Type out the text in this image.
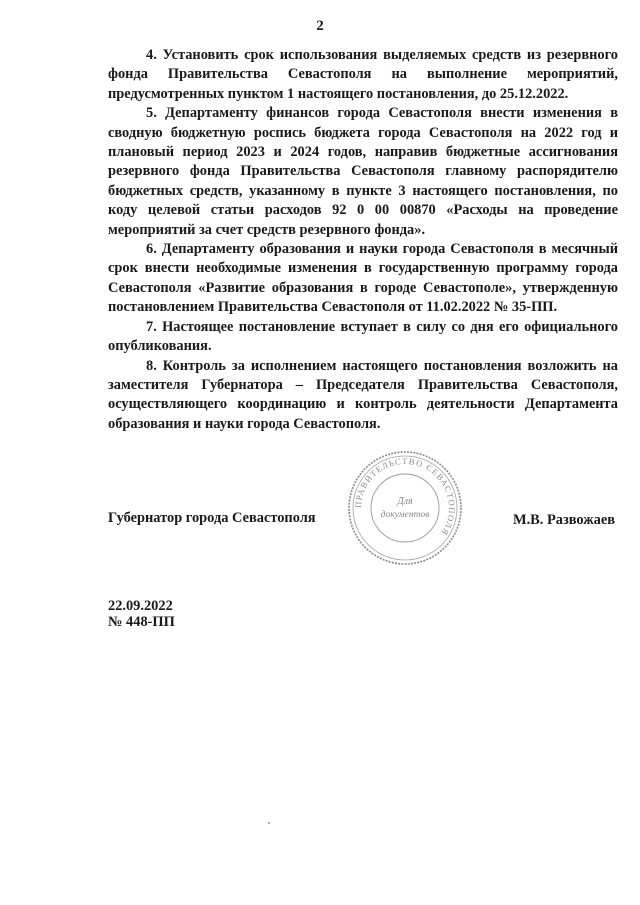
2

4. Установить срок использования выделяемых средств из резервного фонда Правительства Севастополя на выполнение мероприятий, предусмотренных пунктом 1 настоящего постановления, до 25.12.2022.

5. Департаменту финансов города Севастополя внести изменения в сводную бюджетную роспись бюджета города Севастополя на 2022 год и плановый период 2023 и 2024 годов, направив бюджетные ассигнования резервного фонда Правительства Севастополя главному распорядителю бюджетных средств, указанному в пункте 3 настоящего постановления, по коду целевой статьи расходов 92 0 00 00870 «Расходы на проведение мероприятий за счет средств резервного фонда».

6. Департаменту образования и науки города Севастополя в месячный срок внести необходимые изменения в государственную программу города Севастополя «Развитие образования в городе Севастополе», утвержденную постановлением Правительства Севастополя от 11.02.2022 № 35-ПП.

7. Настоящее постановление вступает в силу со дня его официального опубликования.

8. Контроль за исполнением настоящего постановления возложить на заместителя Губернатора – Председателя Правительства Севастополя, осуществляющего координацию и контроль деятельности Департамента образования и науки города Севастополя.

Губернатор города Севастополя
ПРАВИТЕЛЬСТВО СЕВАСТОПОЛЯ
Для
документов	М.В. Развожаев
22.09.2022
№ 448-ПП
